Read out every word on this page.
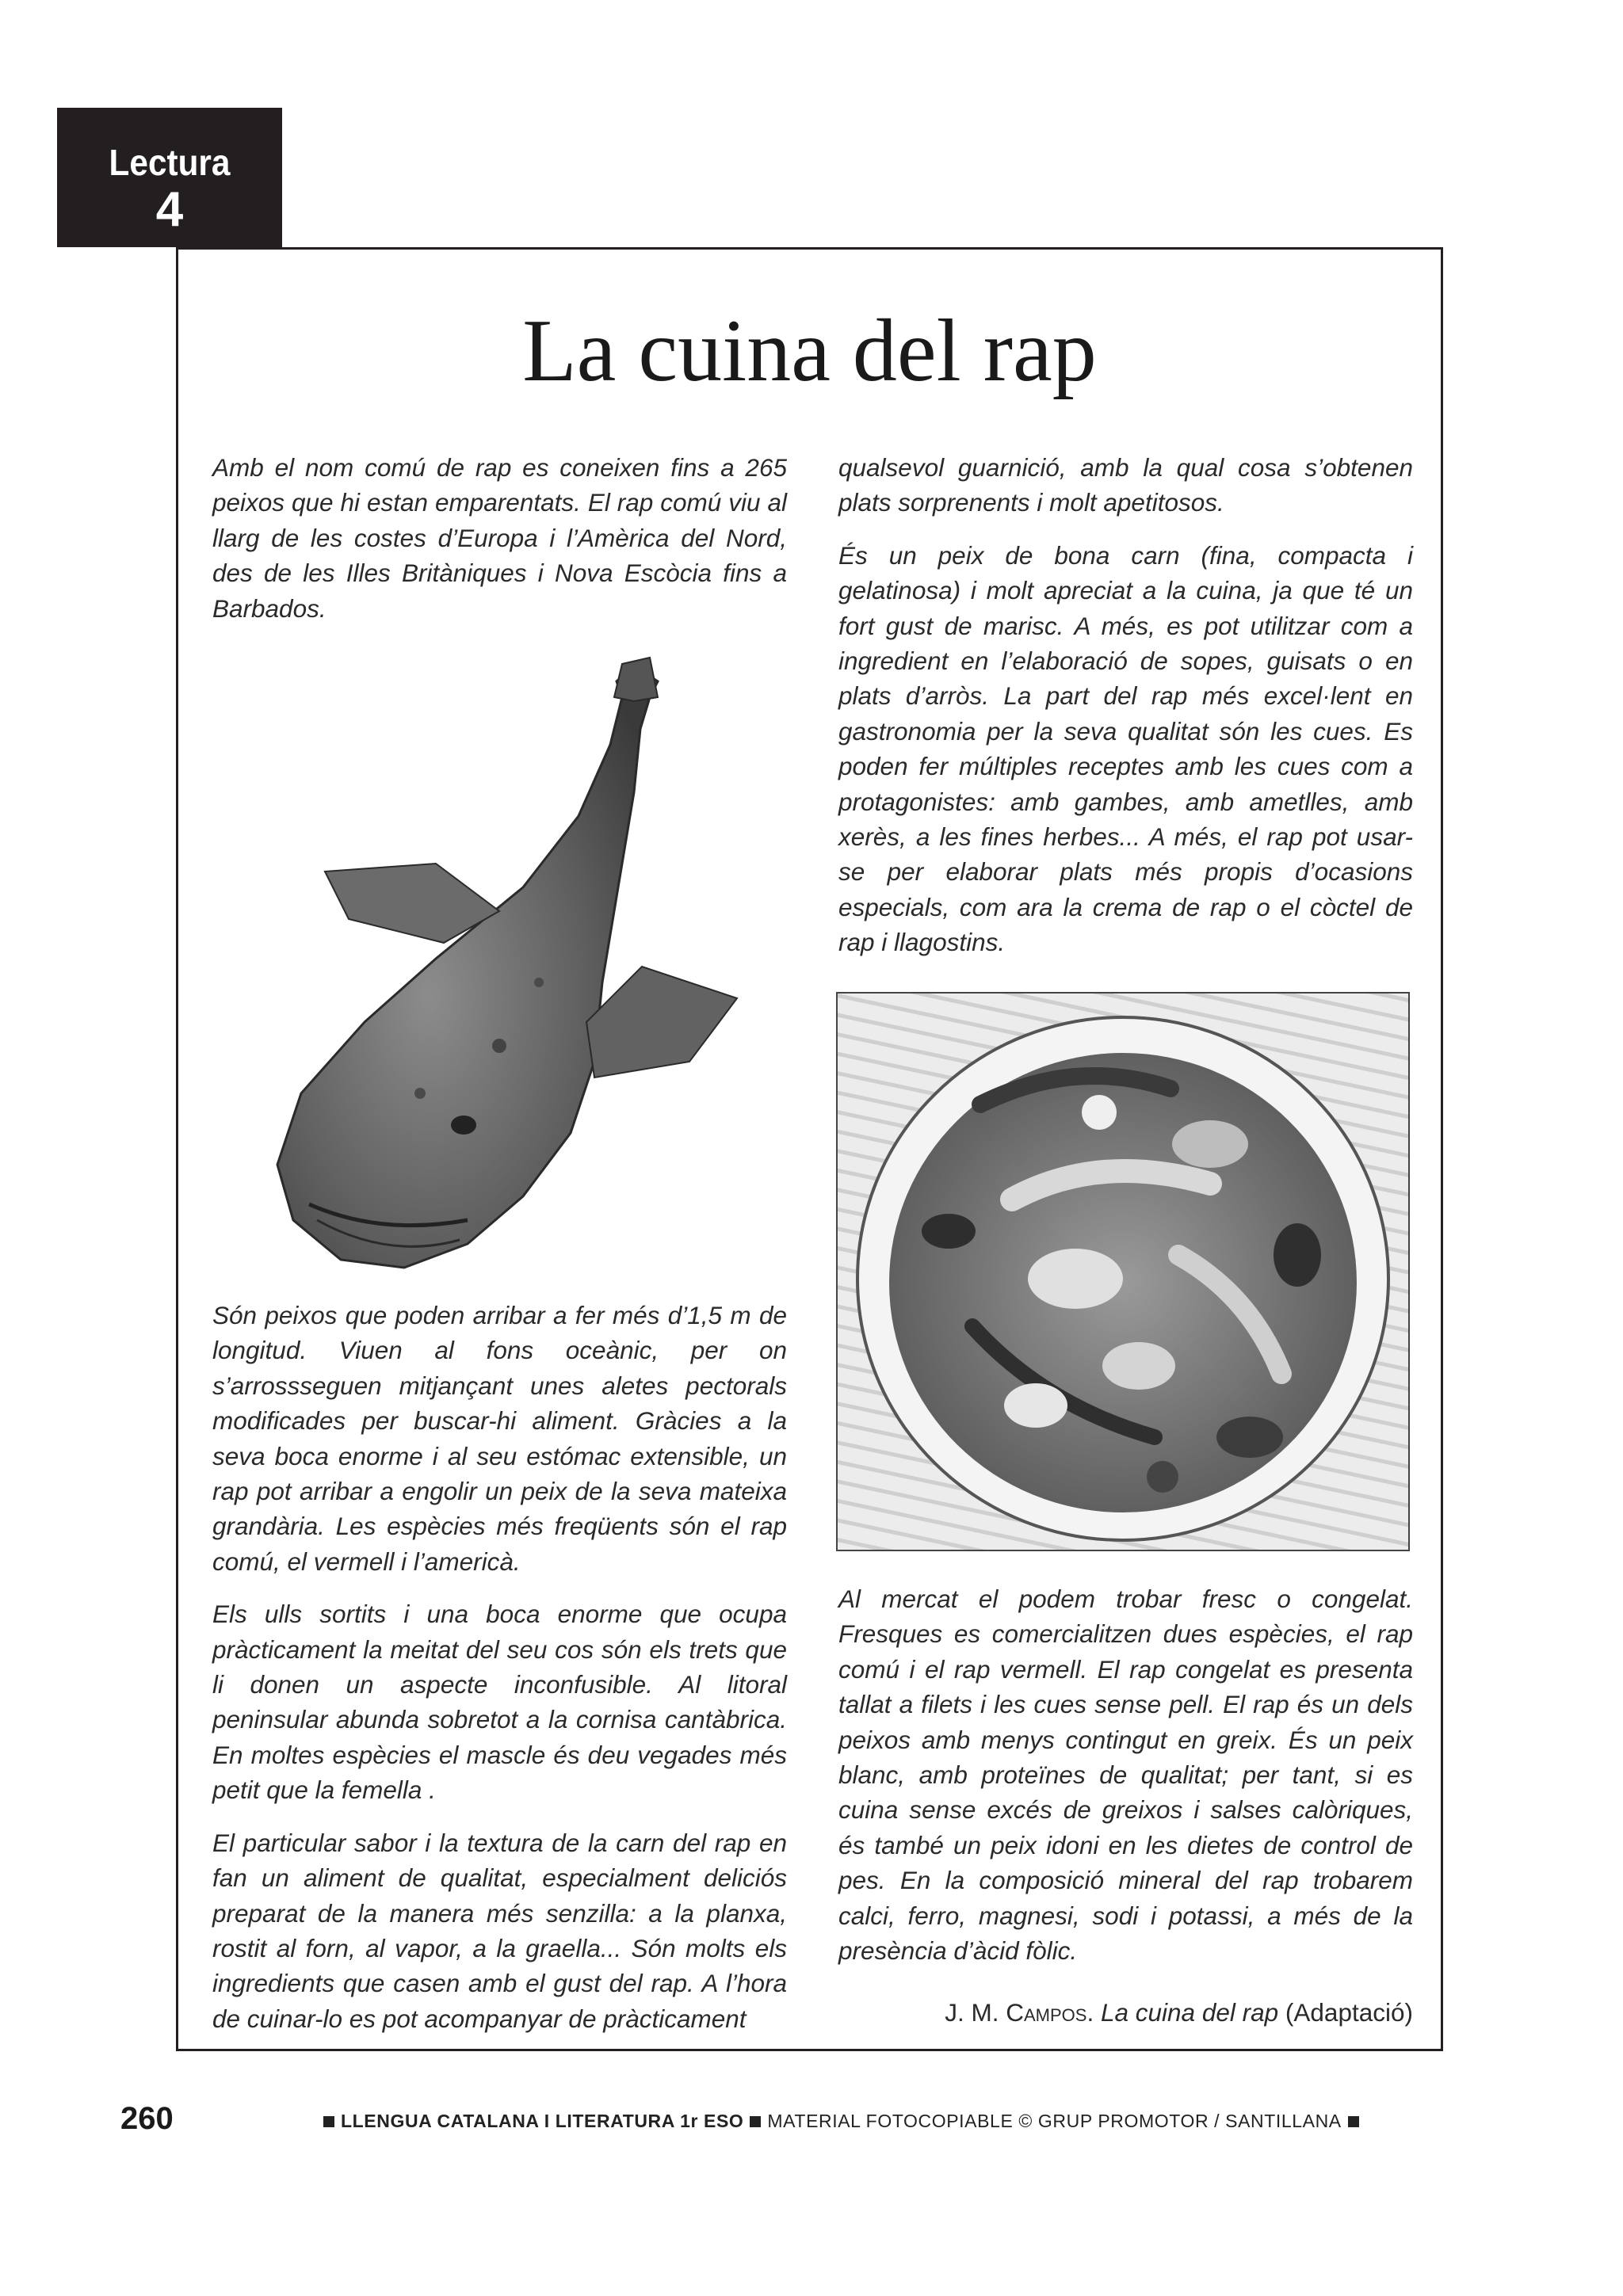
Lectura
4
La cuina del rap

Amb el nom comú de rap es coneixen fins a 265 peixos que hi estan emparentats. El rap comú viu al llarg de les costes d’Europa i l’Amèrica del Nord, des de les Illes Britàniques i Nova Escòcia fins a Barbados.

Són peixos que poden arribar a fer més d’1,5 m de longitud. Viuen al fons oceànic, per on s’arrossseguen mitjançant unes aletes pectorals modificades per buscar-hi aliment. Gràcies a la seva boca enorme i al seu estómac extensible, un rap pot arribar a engolir un peix de la seva mateixa grandària. Les espècies més freqüents són el rap comú, el vermell i l’americà.

Els ulls sortits i una boca enorme que ocupa pràcticament la meitat del seu cos són els trets que li donen un aspecte inconfusible. Al litoral peninsular abunda sobretot a la cornisa cantàbrica. En moltes espècies el mascle és deu vegades més petit que la femella .

El particular sabor i la textura de la carn del rap en fan un aliment de qualitat, especialment deliciós preparat de la manera més senzilla: a la planxa, rostit al forn, al vapor, a la graella... Són molts els ingredients que casen amb el gust del rap. A l’hora de cuinar-lo es pot acompanyar de pràcticament

qualsevol guarnició, amb la qual cosa s’obtenen plats sorprenents i molt apetitosos.

És un peix de bona carn (fina, compacta i gelatinosa) i molt apreciat a la cuina, ja que té un fort gust de marisc. A més, es pot utilitzar com a ingredient en l’elaboració de sopes, guisats o en plats d’arròs. La part del rap més excel·lent en gastronomia per la seva qualitat són les cues. Es poden fer múltiples receptes amb les cues com a protagonistes: amb gambes, amb ametlles, amb xerès, a les fines herbes... A més, el rap pot usar-se per elaborar plats més propis d’ocasions especials, com ara la crema de rap o el còctel de rap i llagostins.

Al mercat el podem trobar fresc o congelat. Fresques es comercialitzen dues espècies, el rap comú i el rap vermell. El rap congelat es presenta tallat a filets i les cues sense pell. El rap és un dels peixos amb menys contingut en greix. És un peix blanc, amb proteïnes de qualitat; per tant, si es cuina sense excés de greixos i salses calòriques, és també un peix idoni en les dietes de control de pes. En la composició mineral del rap trobarem calci, ferro, magnesi, sodi i potassi, a més de la presència d’àcid fòlic.

J. M. Campos. La cuina del rap (Adaptació)
260	LLENGUA CATALANA I LITERATURA 1r ESO MATERIAL FOTOCOPIABLE © GRUP PROMOTOR / SANTILLANA
